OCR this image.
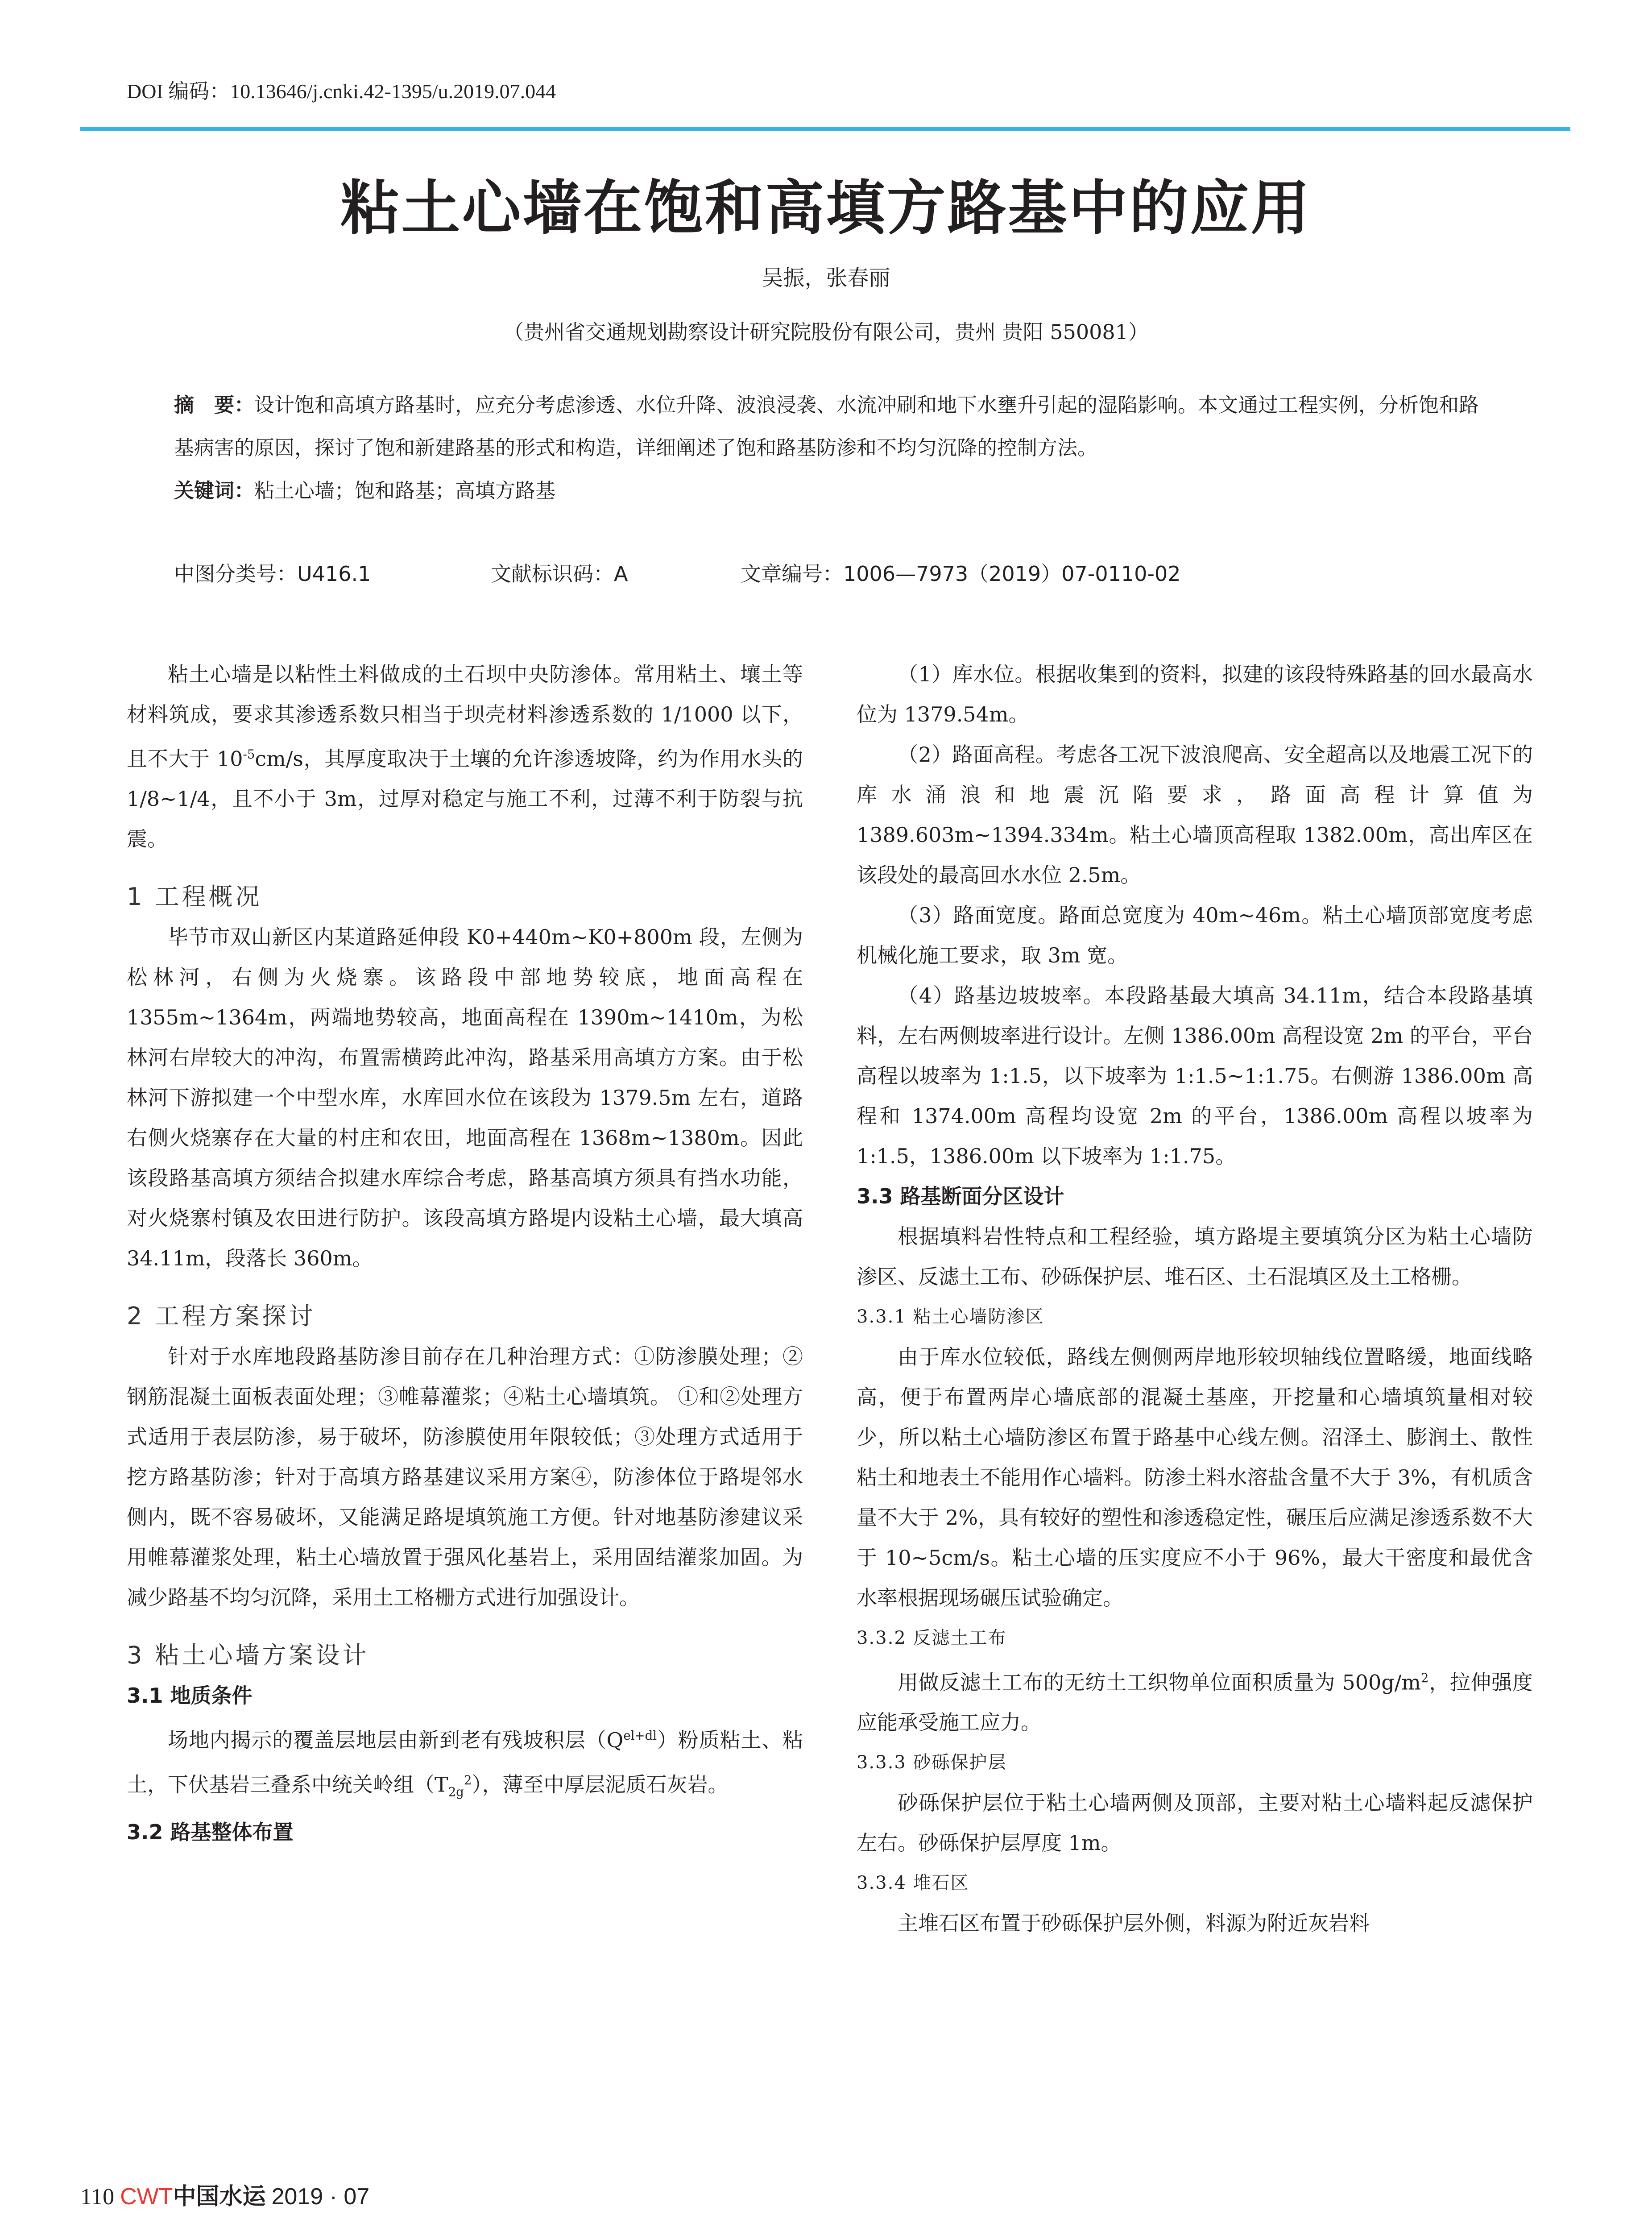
DOI 编码：10.13646/j.cnki.42-1395/u.2019.07.044
粘土心墙在饱和高填方路基中的应用
吴振，张春丽
（贵州省交通规划勘察设计研究院股份有限公司，贵州 贵阳 550081）
摘　要：设计饱和高填方路基时，应充分考虑渗透、水位升降、波浪浸袭、水流冲刷和地下水壅升引起的湿陷影响。本文通过工程实例，分析饱和路基病害的原因，探讨了饱和新建路基的形式和构造，详细阐述了饱和路基防渗和不均匀沉降的控制方法。
关键词：粘土心墙；饱和路基；高填方路基
中图分类号：U416.1	文献标识码：A	文章编号：1006—7973（2019）07-0110-02

粘土心墙是以粘性土料做成的土石坝中央防渗体。常用粘土、壤土等材料筑成，要求其渗透系数只相当于坝壳材料渗透系数的 1/1000 以下，且不大于 $10^{-5}cm/s$，其厚度取决于土壤的允许渗透坡降，约为作用水头的 1/8~1/4，且不小于 3m，过厚对稳定与施工不利，过薄不利于防裂与抗震。

1 工程概况

毕节市双山新区内某道路延伸段 K0+440m~K0+800m 段，左侧为松林河，右侧为火烧寨。该路段中部地势较底，地面高程在 1355m~1364m，两端地势较高，地面高程在 1390m~1410m，为松林河右岸较大的冲沟，布置需横跨此冲沟，路基采用高填方方案。由于松林河下游拟建一个中型水库，水库回水位在该段为 1379.5m 左右，道路右侧火烧寨存在大量的村庄和农田，地面高程在 1368m~1380m。因此该段路基高填方须结合拟建水库综合考虑，路基高填方须具有挡水功能，对火烧寨村镇及农田进行防护。该段高填方路堤内设粘土心墙，最大填高 34.11m，段落长 360m。

2 工程方案探讨

针对于水库地段路基防渗目前存在几种治理方式：①防渗膜处理；②钢筋混凝土面板表面处理；③帷幕灌浆；④粘土心墙填筑。 ①和②处理方式适用于表层防渗，易于破坏，防渗膜使用年限较低；③处理方式适用于挖方路基防渗；针对于高填方路基建议采用方案④，防渗体位于路堤邻水侧内，既不容易破坏，又能满足路堤填筑施工方便。针对地基防渗建议采用帷幕灌浆处理，粘土心墙放置于强风化基岩上，采用固结灌浆加固。为减少路基不均匀沉降，采用土工格栅方式进行加强设计。

3 粘土心墙方案设计
3.1 地质条件

场地内揭示的覆盖层地层由新到老有残坡积层$(Q^{el+dl})$粉质粘土、粘土，下伏基岩三叠系中统关岭组$(T_{2g}^2)$，薄至中厚层泥质石灰岩。

3.2 路基整体布置

（1）库水位。根据收集到的资料，拟建的该段特殊路基的回水最高水位为 1379.54m。

（2）路面高程。考虑各工况下波浪爬高、安全超高以及地震工况下的库水涌浪和地震沉陷要求，路面高程计算值为 1389.603m~1394.334m。粘土心墙顶高程取 1382.00m，高出库区在该段处的最高回水水位 2.5m。

（3）路面宽度。路面总宽度为 40m~46m。粘土心墙顶部宽度考虑机械化施工要求，取 3m 宽。

（4）路基边坡坡率。本段路基最大填高 34.11m，结合本段路基填料，左右两侧坡率进行设计。左侧 1386.00m 高程设宽 2m 的平台，平台高程以坡率为 1:1.5，以下坡率为 1:1.5~1:1.75。右侧游 1386.00m 高程和 1374.00m 高程均设宽 2m 的平台，1386.00m 高程以坡率为 1:1.5，1386.00m 以下坡率为 1:1.75。

3.3 路基断面分区设计

根据填料岩性特点和工程经验，填方路堤主要填筑分区为粘土心墙防渗区、反滤土工布、砂砾保护层、堆石区、土石混填区及土工格栅。

3.3.1 粘土心墙防渗区

由于库水位较低，路线左侧侧两岸地形较坝轴线位置略缓，地面线略高，便于布置两岸心墙底部的混凝土基座，开挖量和心墙填筑量相对较少，所以粘土心墙防渗区布置于路基中心线左侧。沼泽土、膨润土、散性粘土和地表土不能用作心墙料。防渗土料水溶盐含量不大于 3%，有机质含量不大于 2%，具有较好的塑性和渗透稳定性，碾压后应满足渗透系数不大于 10~5cm/s。粘土心墙的压实度应不小于 96%，最大干密度和最优含水率根据现场碾压试验确定。

3.3.2 反滤土工布

用做反滤土工布的无纺土工织物单位面积质量为 $500g/m^2$，拉伸强度应能承受施工应力。

3.3.3 砂砾保护层

砂砾保护层位于粘土心墙两侧及顶部，主要对粘土心墙料起反滤保护左右。砂砾保护层厚度 1m。

3.3.4 堆石区

主堆石区布置于砂砾保护层外侧，料源为附近灰岩料

110 CWT中国水运 2019 · 07
